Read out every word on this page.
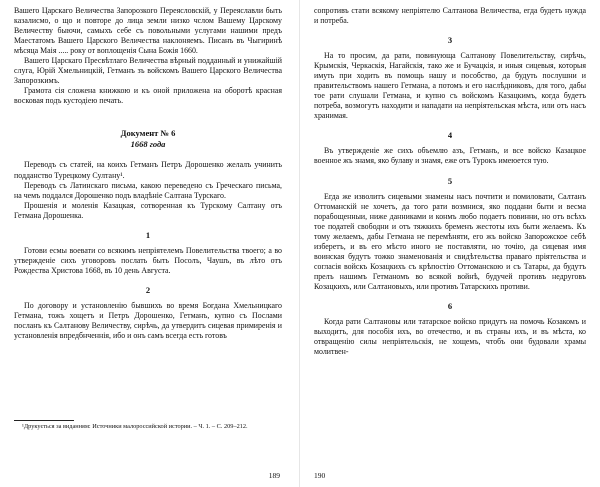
Вашего Царскаго Величества Запорозкого Переясловскій, у Переяславли быть казалисмо, о щo и повторе до лица земли низко чслом Вашему Царскому Величеству быючи, самыхъ себе съ повольными услугами нашими предъ Маестатомъ Вашего Царского Величества наклоняемъ. Писанъ въ Чыгиринѣ мѣсяца Маія ..... року от воплощенія Сына Божія 1660.

Вашего Царскаго Пресвѣтлаго Величества вѣрный подданный и унижайшій слуга, Юрій Хмельницкій, Гетманъ зъ войскомъ Вашего Царского Величества Запорозкимъ.

Грамота сія сложена книжкою и къ оной приложена на оборотѣ красная восковая подъ кустодіею печать.

Документ № 6
1668 года

Переводъ съ статей, на коихъ Гетманъ Петръ Дорошенко желалъ учинить подданство Турецкому Султану¹.

Переводъ съ Латинскаго письма, какою переведено съ Греческаго письма, на чемъ поддался Дорошенко подъ владѣніе Салтана Турскаго.

Прошенія и моленія Казацкая, сотворенная къ Турскому Салтану отъ Гетмана Дорошенка.

1

Готови есмы воевати со всякимъ непріятелемъ Повелительства твоего; а во утвержденіе сихъ уговоровъ послать быть Посолъ, Чаушъ, въ лѣто отъ Рождества Христова 1668, въ 10 день Августа.

2

По договору и установленію бывшихъ во время Богдана Хмельницкаго Гетмана, тожъ хощетъ и Петръ Дорошенко, Гетманъ, купно съ Послами посланъ къ Салтанову Величеству, сирѣчь, да утвердитъ сицевая примиренія и установленія впредбнченнія, ибо и онъ самъ всегда есть готовъ

¹Друкується за виданням: Источники малороссийской истории. – Ч. 1. – С. 209–212.
189

сопротивъ стати всякому непріятелю Салтанова Величества, егда будетъ нужда и потреба.

3

На то просим, да рати, повинующа Салтанову Повелительству, сирѣчь, Крымскія, Черкаскія, Нагайскія, тако же и Бучацкія, и иныя сицевыя, которыя имуть при ходить въ помощь нашу и пособство, да будуть послушни и правительствомъ нашего Гетмана, а потомъ и его наслѣдниковъ, для того, дабы тое рати слушали Гетмана, и купно съ войскомъ Казацкимъ, когда будетъ потреба, возмогутъ находити и нападати на непріятельская мѣста, или отъ насъ хранимая.

4

Въ утвержденіе же сихъ объемлю азъ, Гетманъ, и все войско Казацкое военное жъ знамя, яко булаву и знамя, еже отъ Турокъ имеюется тую.

5

Егда же изволитъ сицевыми знамены насъ почтити и помиловати, Салтанъ Оттоманскій не хочетъ, да того рати возмнися, яко поддани быти и весма порабощенныи, ниже данниками и конмъ любо подаетъ повинни, но отъ всѣхъ тое податей свободни и отъ тяжкихъ бременъ жестоты ихъ быти желаемъ. Къ тому желаемъ, дабы Гетмана не перемѣняти, его жъ войско Запорожское себѣ изберетъ, и въ его мѣсто иного не поставляти, но точію, да сицевая имя воинская будутъ тожко знаменованія и свидѣтельства праваго пріятельства и согласія войскъ Козацкихъ съ крѣпостію Оттоманскою и съ Татары, да будутъ прелъ нашимъ Гетманомъ во всякой войнѣ, будучей противъ недруговъ Козацкихъ, или Салтановыхъ, или противъ Татарскихъ противи.

6

Когда рати Салтановы или татарское войско придутъ на помочь Козакомъ и выходитъ, для пособія ихъ, во отечество, и въ страны ихъ, и въ мѣста, ко отвращенію силы непріятельскія, не хощемъ, чтобъ они будовали храмы молитвен-

190
